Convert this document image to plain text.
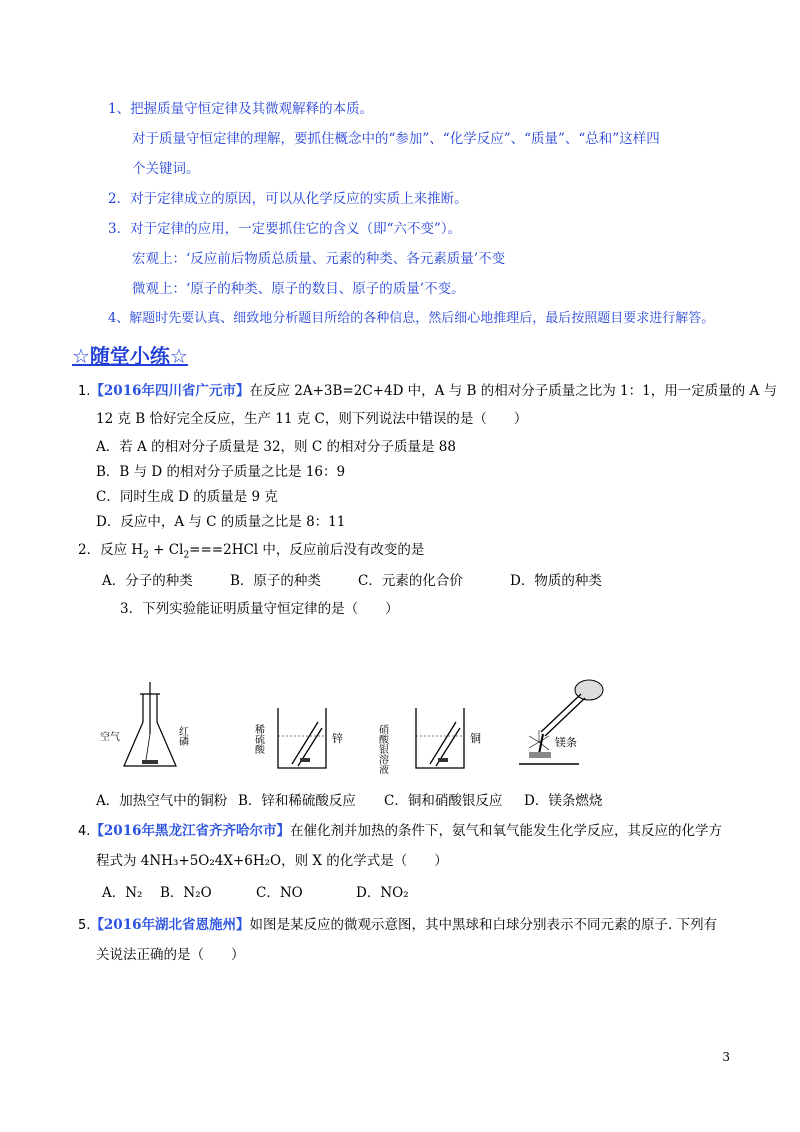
1、把握质量守恒定律及其微观解释的本质。
对于质量守恒定律的理解，要抓住概念中的“参加”、“化学反应”、“质量”、“总和”这样四
个关键词。
2．对于定律成立的原因，可以从化学反应的实质上来推断。
3．对于定律的应用，一定要抓住它的含义（即“六不变”）。
宏观上：‘反应前后物质总质量、元素的种类、各元素质量’不变
微观上：‘原子的种类、原子的数目、原子的质量’不变。
4、解题时先要认真、细致地分析题目所给的各种信息，然后细心地推理后，最后按照题目要求进行解答。
☆随堂小练☆
1.【2016年四川省广元市】在反应 2A+3B=2C+4D 中，A 与 B 的相对分子质量之比为 1：1，用一定质量的 A 与
12 克 B 恰好完全反应，生产 11 克 C，则下列说法中错误的是（　　）
A．若 A 的相对分子质量是 32，则 C 的相对分子质量是 88
B．B 与 D 的相对分子质量之比是 16：9
C．同时生成 D 的质量是 9 克
D．反应中，A 与 C 的质量之比是 8：11
2．反应 $H_2 + Cl_2===2HCl$ 中，反应前后没有改变的是
A．分子的种类	B．原子的种类	C．元素的化合价	D．物质的种类
3．下列实验能证明质量守恒定律的是（　　）
空气	红磷	稀硫酸	锌	硝酸银溶液	铜	镁条
A．加热空气中的铜粉 B．锌和稀硫酸反应 C．铜和硝酸银反应 D．镁条燃烧
4.【2016年黑龙江省齐齐哈尔市】在催化剂并加热的条件下，氨气和氧气能发生化学反应，其反应的化学方
程式为 4NH₃+5O₂4X+6H₂O，则 X 的化学式是（　　）
A．N₂ B．N₂O	C．NO	D．NO₂
5.【2016年湖北省恩施州】如图是某反应的微观示意图，其中黑球和白球分别表示不同元素的原子. 下列有
关说法正确的是（　　）
3
